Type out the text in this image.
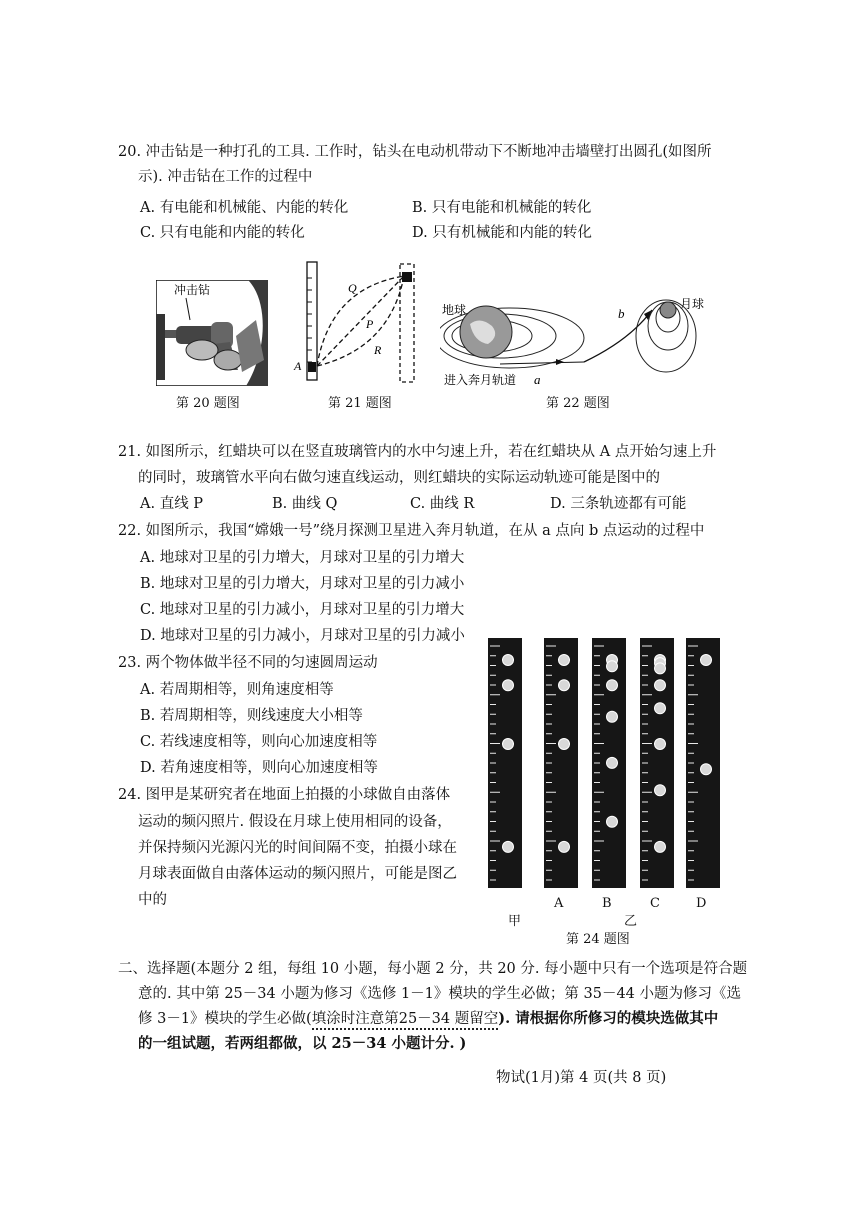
20. 冲击钻是一种打孔的工具. 工作时，钻头在电动机带动下不断地冲击墙壁打出圆孔(如图所
示). 冲击钻在工作的过程中
A. 有电能和机械能、内能的转化	B. 只有电能和机械能的转化
C. 只有电能和内能的转化	D. 只有机械能和内能的转化
冲击钻
第 20 题图
Q
P
R
A
第 21 题图
地球	月球
b
a
进入奔月轨道
第 22 题图
21. 如图所示，红蜡块可以在竖直玻璃管内的水中匀速上升，若在红蜡块从 A 点开始匀速上升
的同时，玻璃管水平向右做匀速直线运动，则红蜡块的实际运动轨迹可能是图中的
A. 直线 P	B. 曲线 Q	C. 曲线 R	D. 三条轨迹都有可能
22. 如图所示，我国“嫦娥一号”绕月探测卫星进入奔月轨道，在从 a 点向 b 点运动的过程中
A. 地球对卫星的引力增大，月球对卫星的引力增大
B. 地球对卫星的引力增大，月球对卫星的引力减小
C. 地球对卫星的引力减小，月球对卫星的引力增大
D. 地球对卫星的引力减小，月球对卫星的引力减小
23. 两个物体做半径不同的匀速圆周运动
A. 若周期相等，则角速度相等
B. 若周期相等，则线速度大小相等
C. 若线速度相等，则向心加速度相等
D. 若角速度相等，则向心加速度相等
24. 图甲是某研究者在地面上拍摄的小球做自由落体
运动的频闪照片. 假设在月球上使用相同的设备，
并保持频闪光源闪光的时间间隔不变，拍摄小球在
月球表面做自由落体运动的频闪照片，可能是图乙
中的
甲
A	B
乙
C	D
第 24 题图
二、选择题(本题分 2 组，每组 10 小题，每小题 2 分，共 20 分. 每小题中只有一个选项是符合题
意的. 其中第 25－34 小题为修习《选修 1－1》模块的学生必做；第 35－44 小题为修习《选
修 3－1》模块的学生必做(填涂时注意第25－34 题留空). 请根据你所修习的模块选做其中
的一组试题，若两组都做，以 25－34 小题计分. )
物试(1月)第 4 页(共 8 页)
